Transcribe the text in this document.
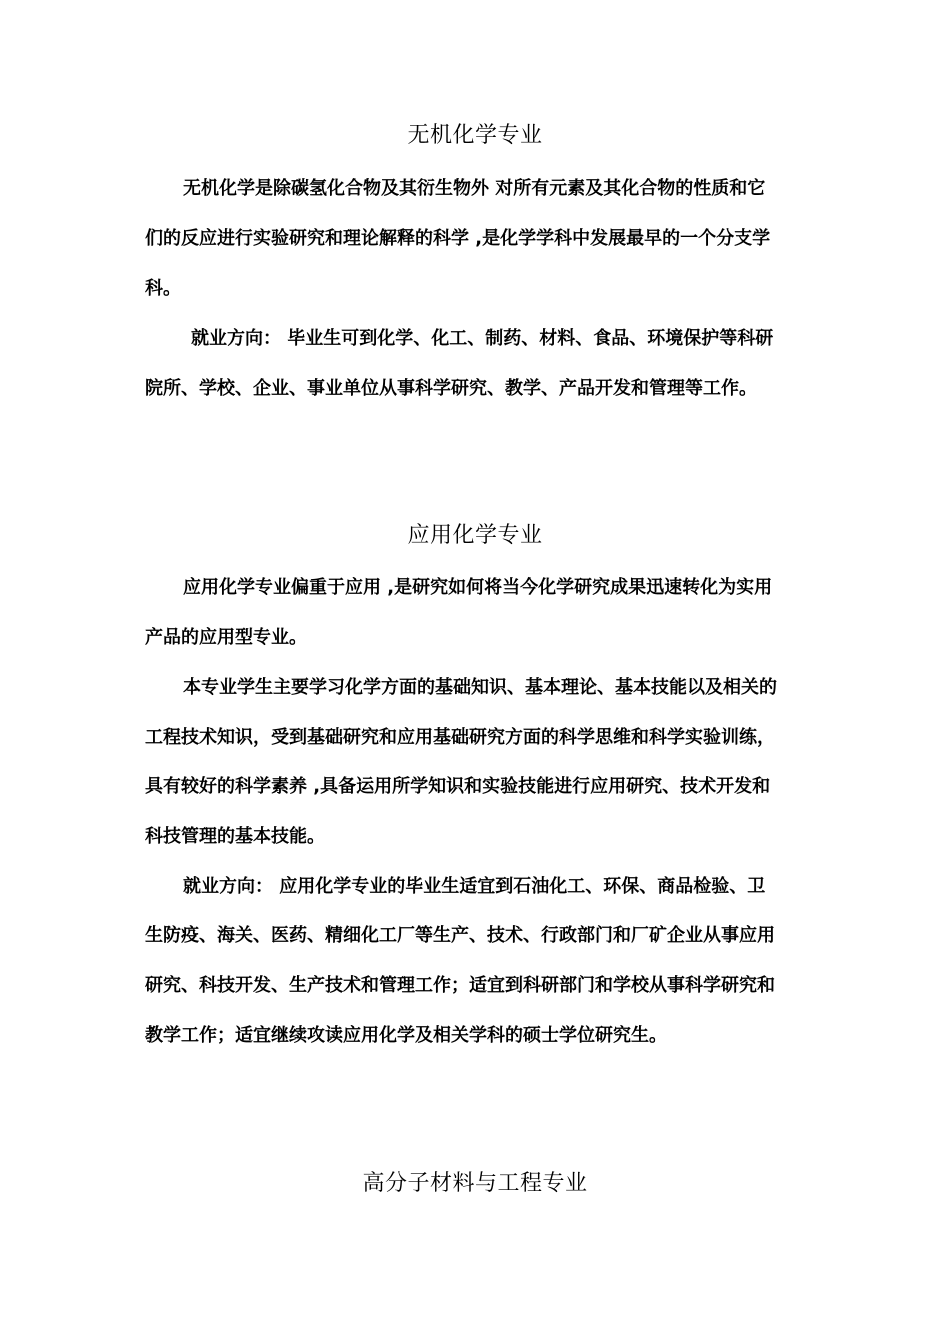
无机化学专业
无机化学是除碳氢化合物及其衍生物外 对所有元素及其化合物的性质和它
们的反应进行实验研究和理论解释的科学 ,是化学学科中发展最早的一个分支学
科。
就业方向： 毕业生可到化学、化工、制药、材料、食品、环境保护等科研
院所、学校、企业、事业单位从事科学研究、教学、产品开发和管理等工作。
应用化学专业
应用化学专业偏重于应用 ,是研究如何将当今化学研究成果迅速转化为实用
产品的应用型专业。
本专业学生主要学习化学方面的基础知识、基本理论、基本技能以及相关的
工程技术知识，受到基础研究和应用基础研究方面的科学思维和科学实验训练，
具有较好的科学素养 ,具备运用所学知识和实验技能进行应用研究、技术开发和
科技管理的基本技能。
就业方向： 应用化学专业的毕业生适宜到石油化工、环保、商品检验、卫
生防疫、海关、医药、精细化工厂等生产、技术、行政部门和厂矿企业从事应用
研究、科技开发、生产技术和管理工作；适宜到科研部门和学校从事科学研究和
教学工作；适宜继续攻读应用化学及相关学科的硕士学位研究生。
高分子材料与工程专业
